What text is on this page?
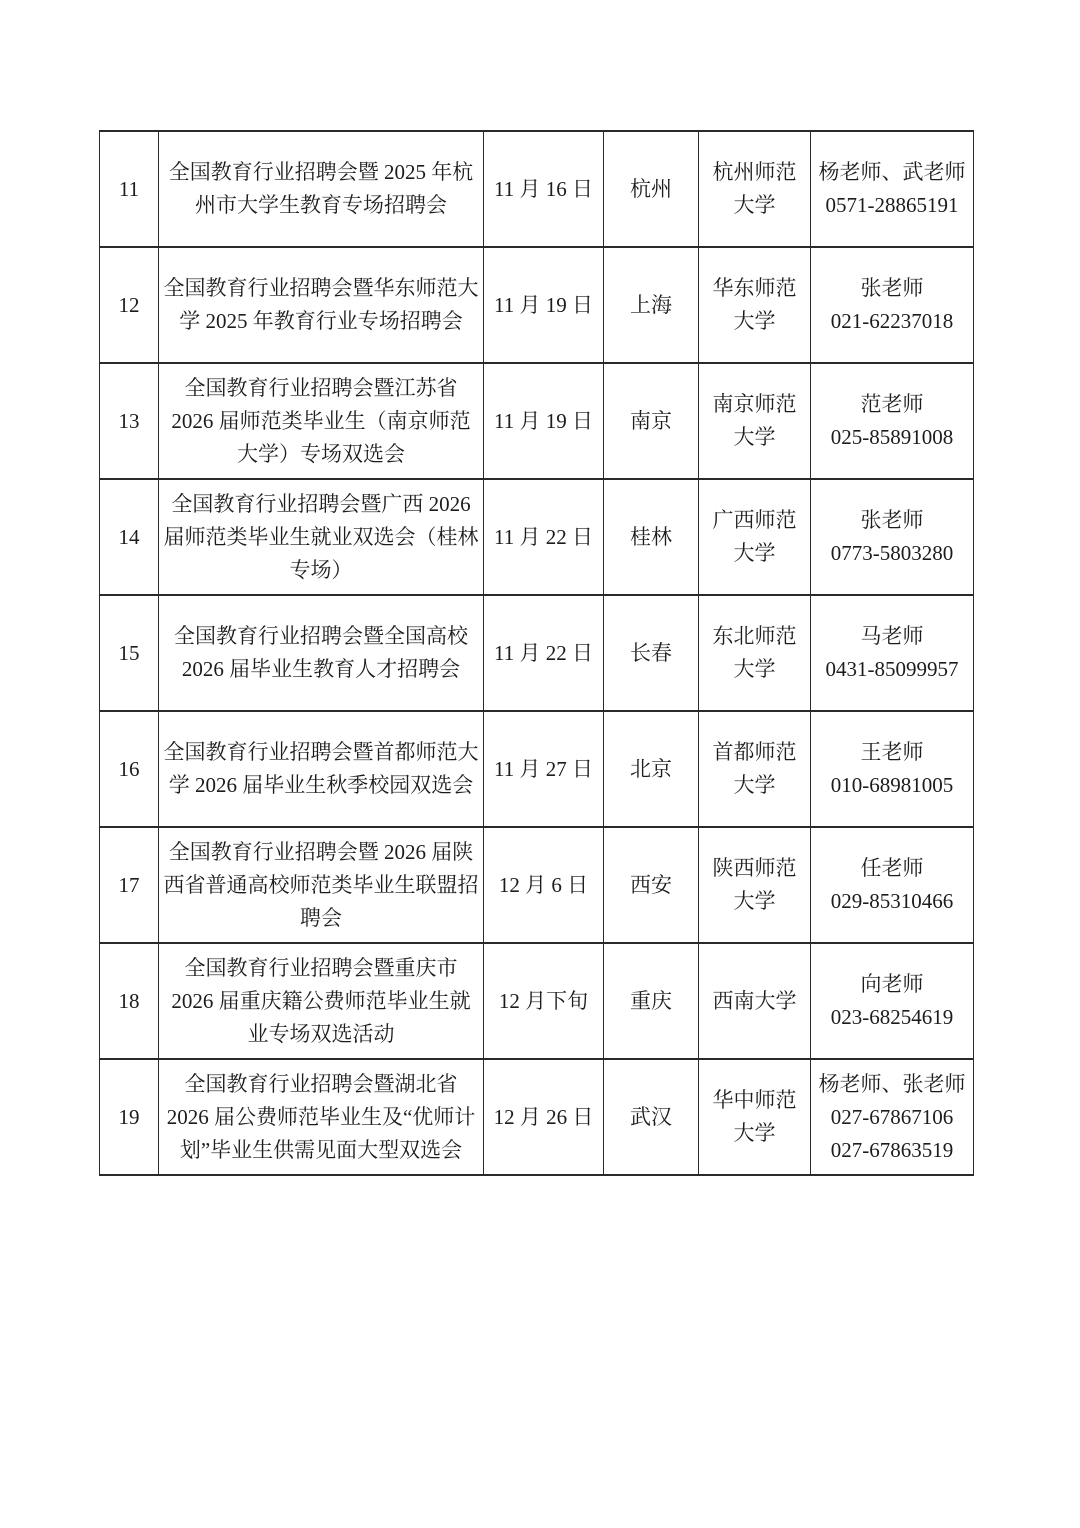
11	全国教育行业招聘会暨 2025 年杭州市大学生教育专场招聘会	11 月 16 日	杭州	杭州师范大学	杨老师、武老师
0571-28865191

12	全国教育行业招聘会暨华东师范大学 2025 年教育行业专场招聘会	11 月 19 日	上海	华东师范大学	张老师
021-62237018

13	全国教育行业招聘会暨江苏省 2026 届师范类毕业生（南京师范大学）专场双选会	11 月 19 日	南京	南京师范大学	范老师
025-85891008

14	全国教育行业招聘会暨广西 2026 届师范类毕业生就业双选会（桂林专场）	11 月 22 日	桂林	广西师范大学	张老师
0773-5803280

15	全国教育行业招聘会暨全国高校 2026 届毕业生教育人才招聘会	11 月 22 日	长春	东北师范大学	马老师
0431-85099957

16	全国教育行业招聘会暨首都师范大学 2026 届毕业生秋季校园双选会	11 月 27 日	北京	首都师范大学	王老师
010-68981005

17	全国教育行业招聘会暨 2026 届陕西省普通高校师范类毕业生联盟招聘会	12 月 6 日	西安	陕西师范大学	任老师
029-85310466

18	全国教育行业招聘会暨重庆市 2026 届重庆籍公费师范毕业生就业专场双选活动	12 月下旬	重庆	西南大学	向老师
023-68254619

19	全国教育行业招聘会暨湖北省 2026 届公费师范毕业生及“优师计划”毕业生供需见面大型双选会	12 月 26 日	武汉	华中师范大学	杨老师、张老师
027-67867106
027-67863519
